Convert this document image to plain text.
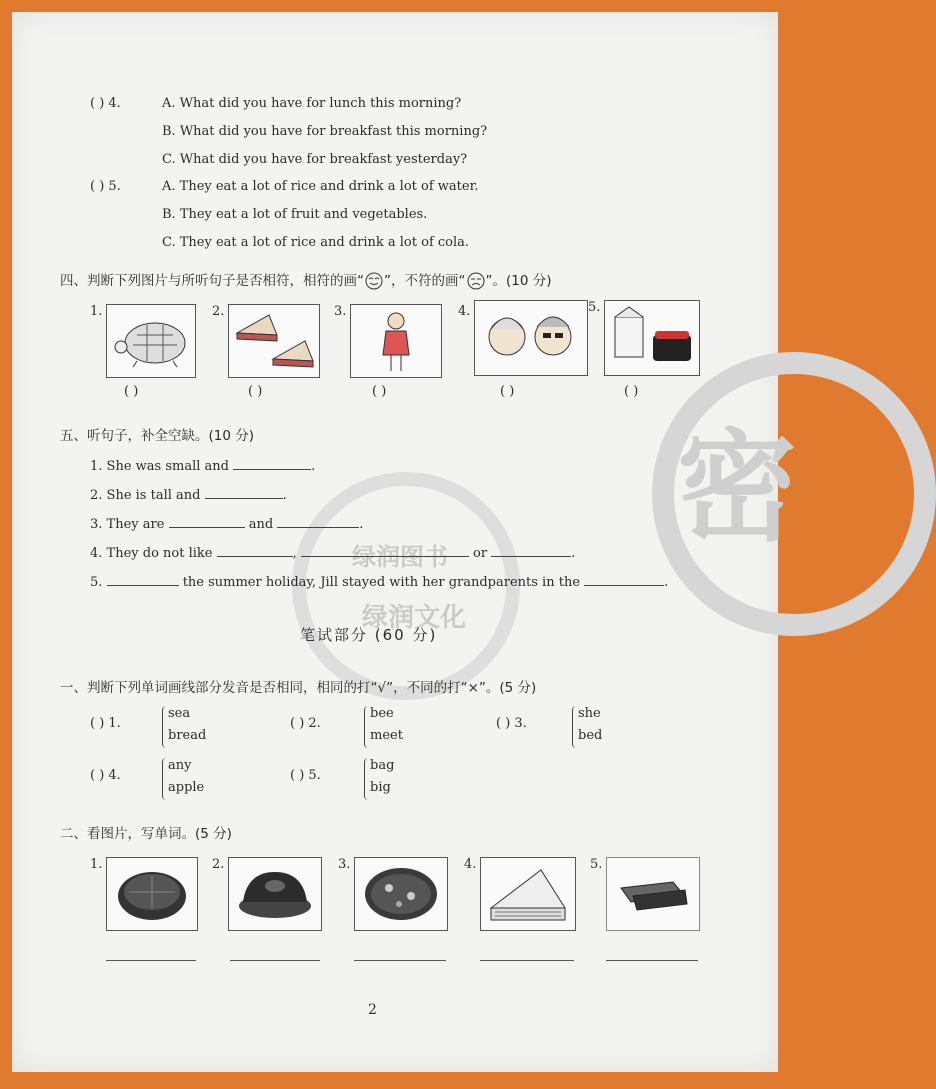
绿润图书
绿润文化
密
( ) 4.	A. What did you have for lunch this morning?
B. What did you have for breakfast this morning?
C. What did you have for breakfast yesterday?
( ) 5.	A. They eat a lot of rice and drink a lot of water.
B. They eat a lot of fruit and vegetables.
C. They eat a lot of rice and drink a lot of cola.
四、判断下列图片与所听句子是否相符，相符的画“ ”，不符的画“ ”。(10 分)
1.	2.	3.	4.	5.
( )	( )	( )	( )	( )
五、听句子，补全空缺。(10 分)
1. She was small and	.
2. She is tall and	.
3. They are	and	.
4. They do not like	,	or	.
5.	the summer holiday, Jill stayed with her grandparents in the	.
笔试部分 (60 分)
一、判断下列单词画线部分发音是否相同，相同的打“√”，不同的打“×”。(5 分)
( ) 1.
sea
bread
( ) 2.
bee
meet
( ) 3.
she
bed
( ) 4.
any
apple
( ) 5.
bag
big
二、看图片，写单词。(5 分)
1.	2.	3.	4.	5.
2
